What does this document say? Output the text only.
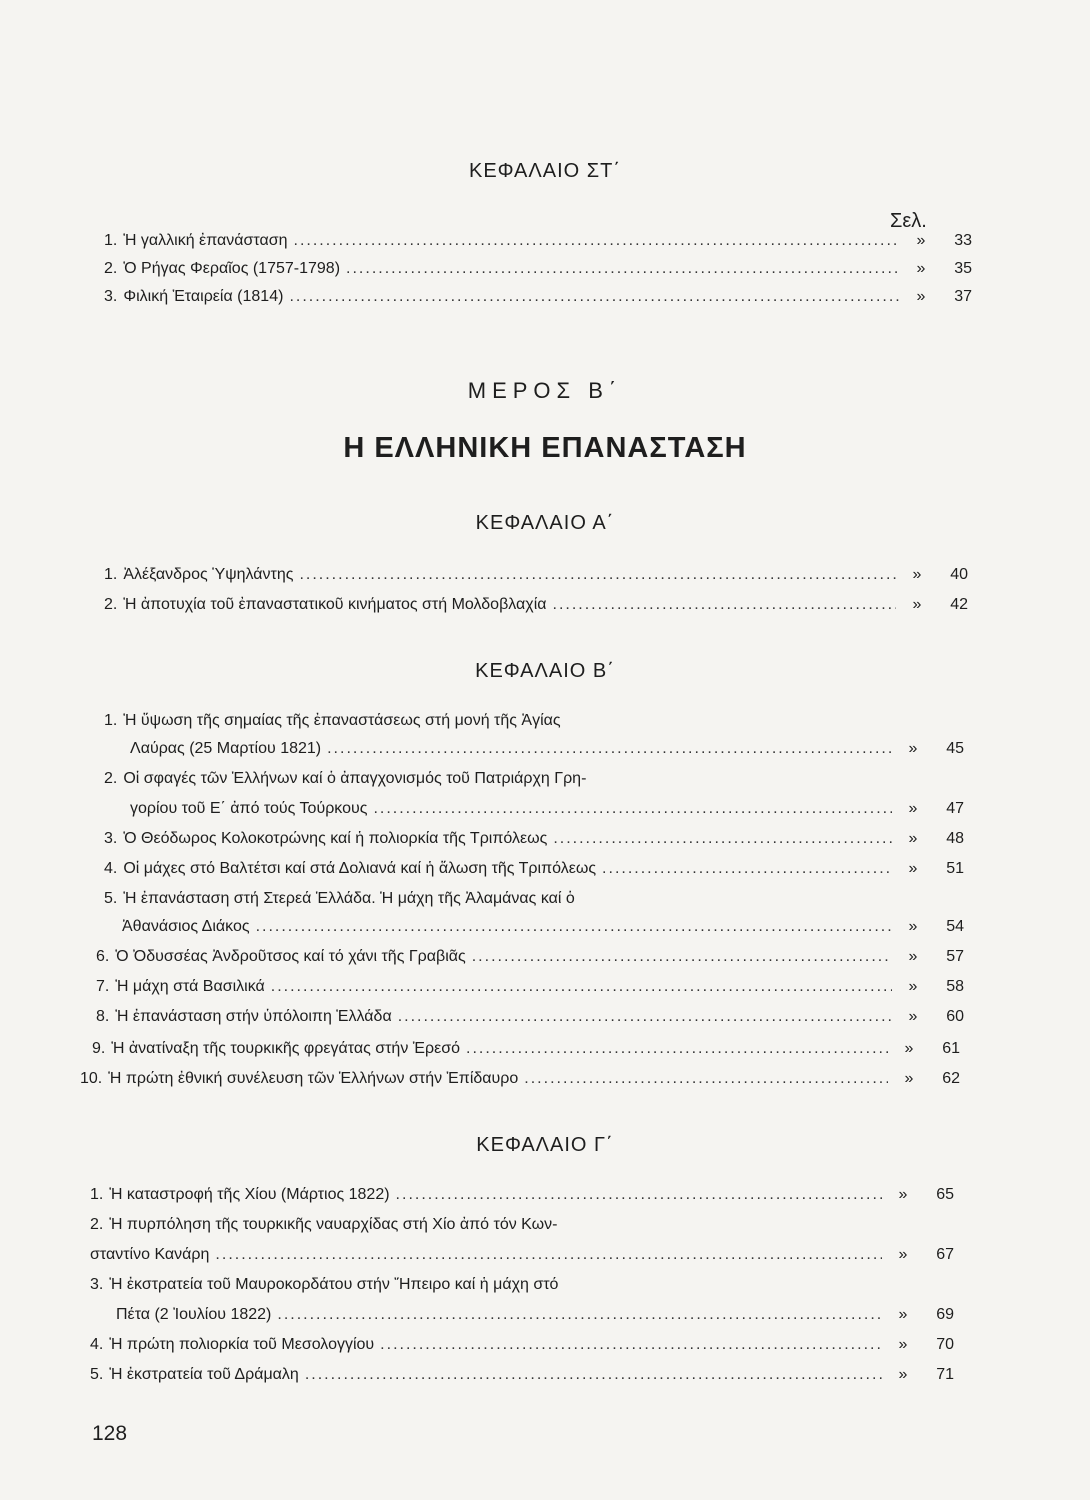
ΚΕΦΑΛΑΙΟ ΣΤ΄
Σελ.
1. Ἡ γαλλική ἐπανάσταση .....	»	33
2. Ὁ Ρήγας Φεραῖος (1757-1798) .....	»	35
3. Φιλική Ἑταιρεία (1814) .....	»	37
ΜΕΡΟΣ Β΄
Η ΕΛΛΗΝΙΚΗ ΕΠΑΝΑΣΤΑΣΗ
ΚΕΦΑΛΑΙΟ Α΄
1. Ἀλέξανδρος Ὑψηλάντης .....	»	40
2. Ἡ ἀποτυχία τοῦ ἐπαναστατικοῦ κινήματος στή Μολδοβλαχία .....	»	42
ΚΕΦΑΛΑΙΟ Β΄
1. Ἡ ὕψωση τῆς σημαίας τῆς ἐπαναστάσεως στή μονή τῆς Ἁγίας
Λαύρας (25 Μαρτίου 1821) .....	»	45
2. Οἱ σφαγές τῶν Ἑλλήνων καί ὁ ἀπαγχονισμός τοῦ Πατριάρχη Γρη-
γορίου τοῦ Ε΄ ἀπό τούς Τούρκους .....	»	47
3. Ὁ Θεόδωρος Κολοκοτρώνης καί ἡ πολιορκία τῆς Τριπόλεως .....	»	48
4. Οἱ μάχες στό Βαλτέτσι καί στά Δολιανά καί ἡ ἅλωση τῆς Τριπόλεως .....	»	51
5. Ἡ ἐπανάσταση στή Στερεά Ἑλλάδα. Ἡ μάχη τῆς Ἀλαμάνας καί ὁ
Ἀθανάσιος Διάκος .....	»	54
6. Ὁ Ὀδυσσέας Ἀνδροῦτσος καί τό χάνι τῆς Γραβιᾶς .....	»	57
7. Ἡ μάχη στά Βασιλικά .....	»	58
8. Ἡ ἐπανάσταση στήν ὑπόλοιπη Ἑλλάδα .....	»	60
9. Ἡ ἀνατίναξη τῆς τουρκικῆς φρεγάτας στήν Ἐρεσό .....	»	61
10. Ἡ πρώτη ἐθνική συνέλευση τῶν Ἑλλήνων στήν Ἐπίδαυρο .....	»	62
ΚΕΦΑΛΑΙΟ Γ΄
1. Ἡ καταστροφή τῆς Χίου (Μάρτιος 1822) .....	»	65
2. Ἡ πυρπόληση τῆς τουρκικῆς ναυαρχίδας στή Χίο ἀπό τόν Κων-
σταντίνο Κανάρη .....	»	67
3. Ἡ ἐκστρατεία τοῦ Μαυροκορδάτου στήν Ἤπειρο καί ἡ μάχη στό
Πέτα (2 Ἰουλίου 1822) .....	»	69
4. Ἡ πρώτη πολιορκία τοῦ Μεσολογγίου .....	»	70
5. Ἡ ἐκστρατεία τοῦ Δράμαλη .....	»	71
128
